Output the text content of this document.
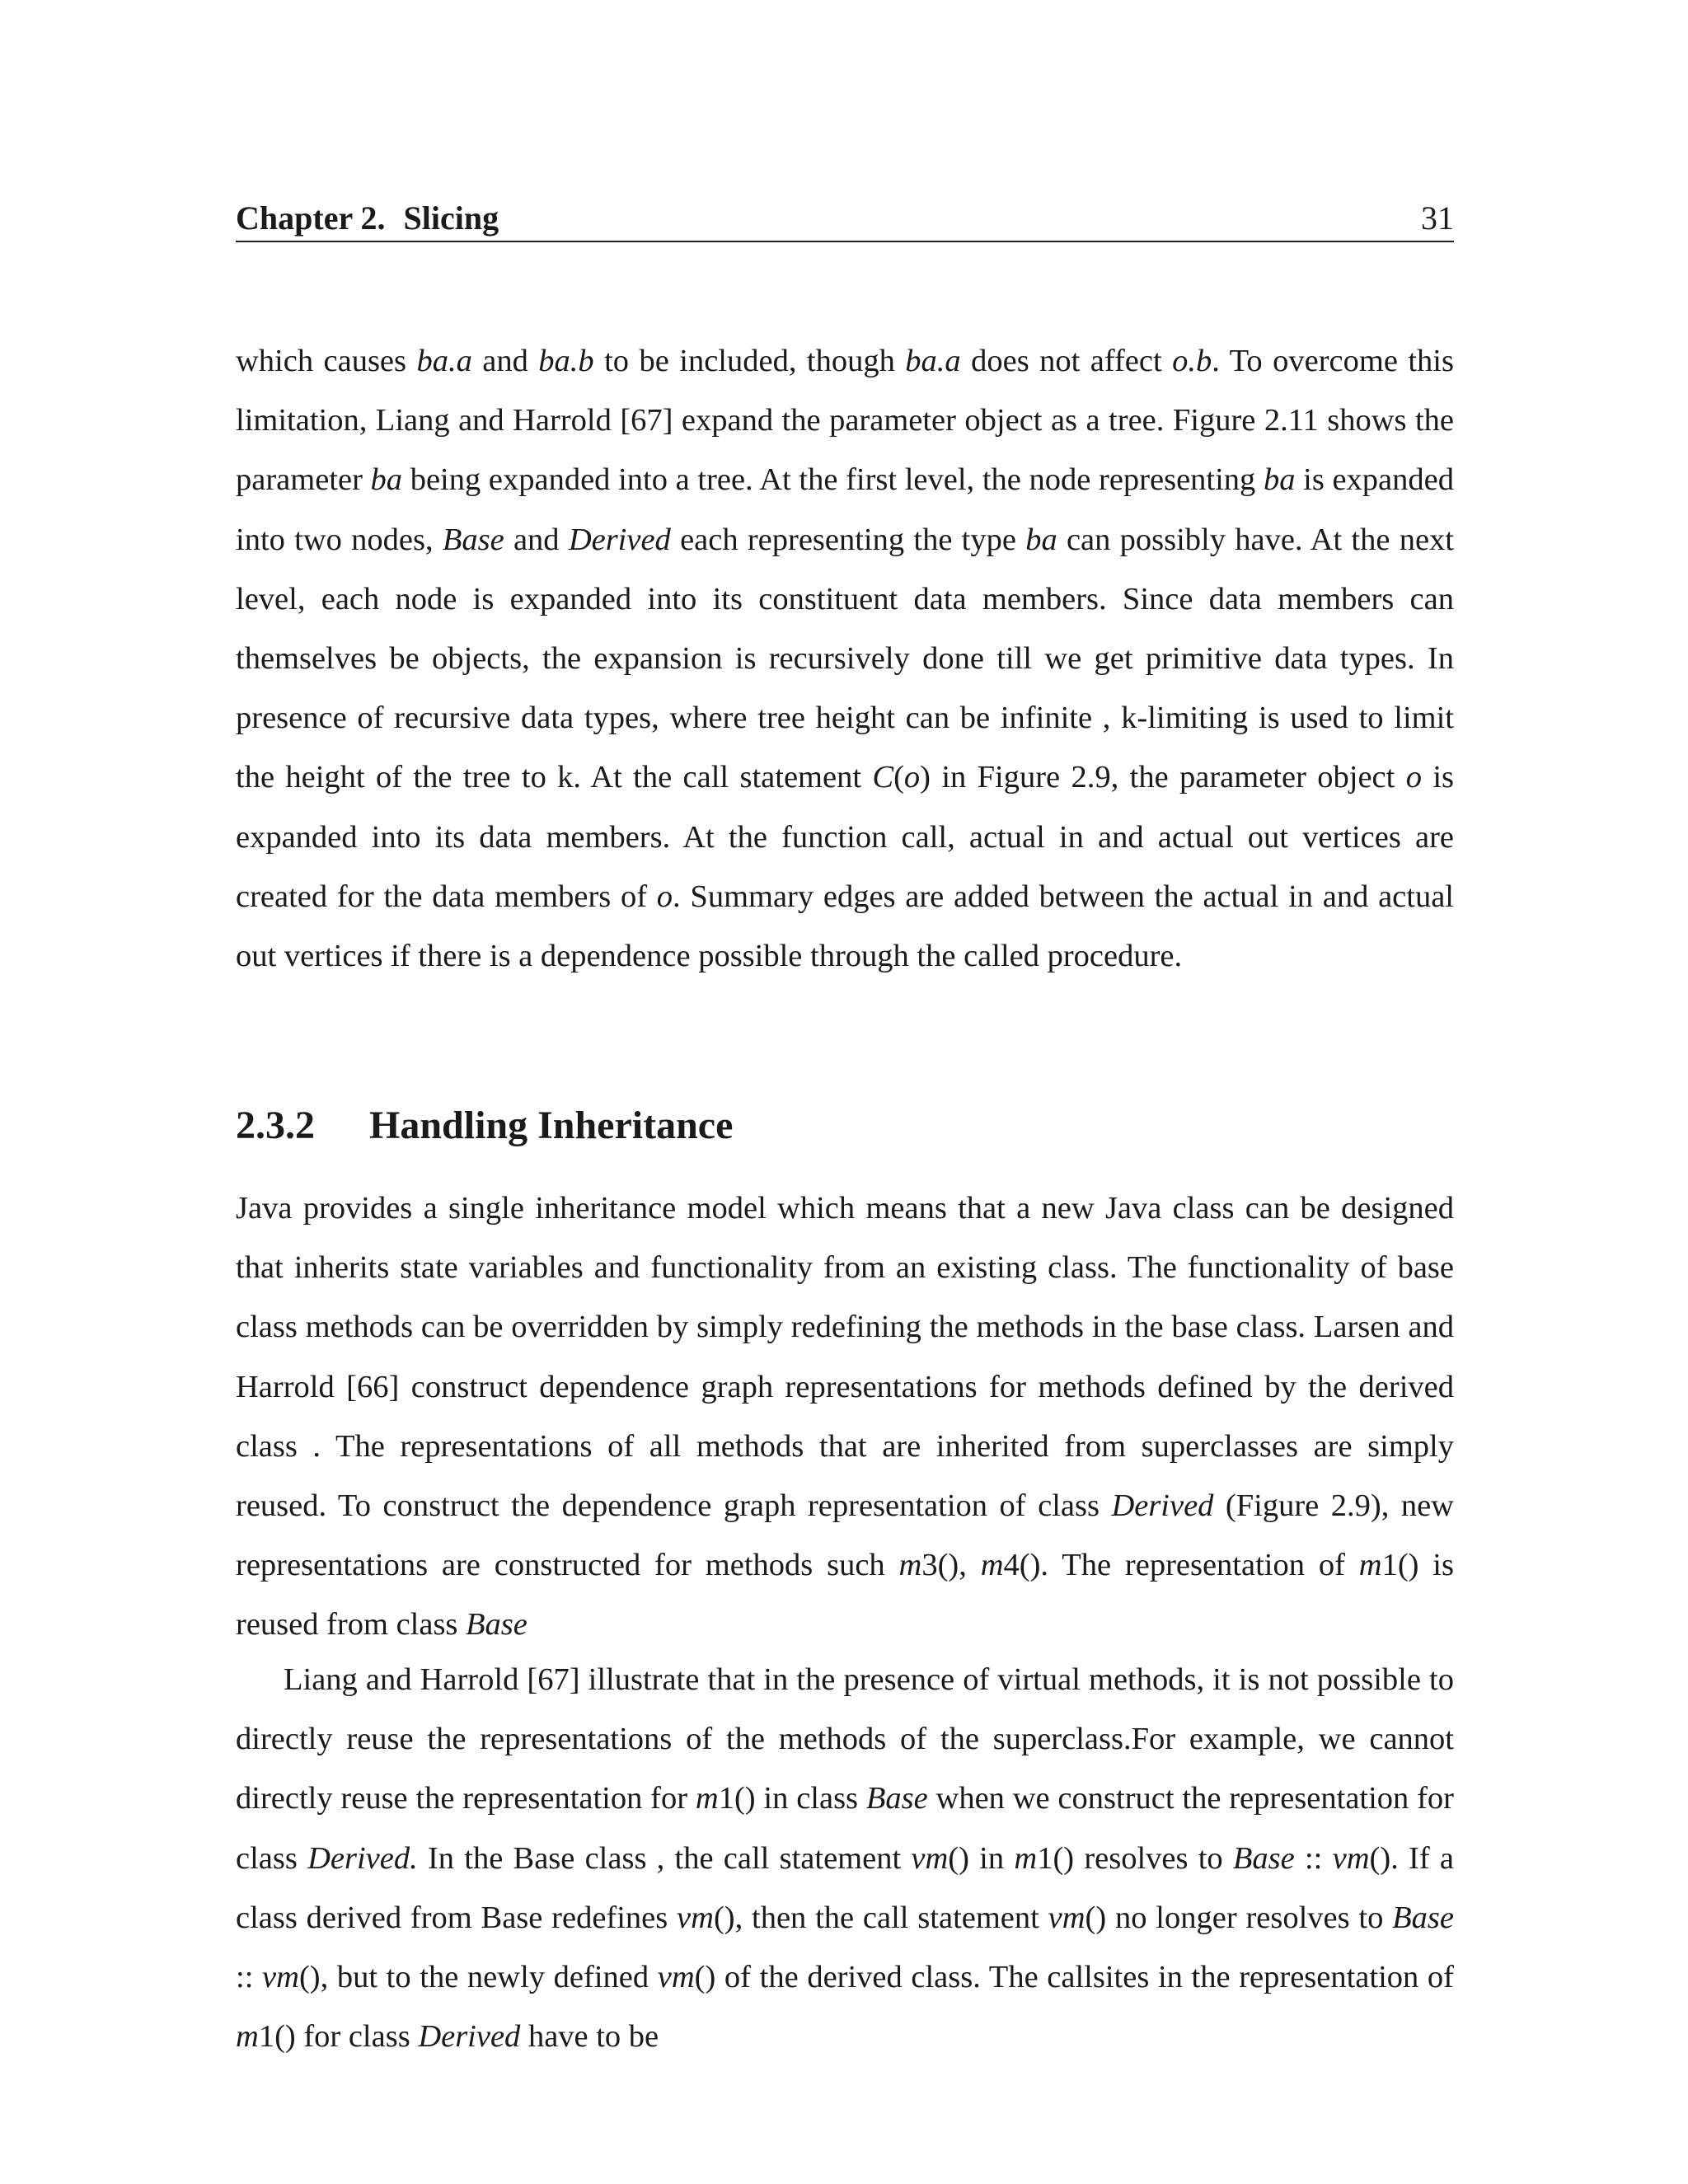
Chapter 2. Slicing	31

which causes ba.a and ba.b to be included, though ba.a does not affect o.b. To overcome this limitation, Liang and Harrold [67] expand the parameter object as a tree. Figure 2.11 shows the parameter ba being expanded into a tree. At the first level, the node representing ba is expanded into two nodes, Base and Derived each representing the type ba can possibly have. At the next level, each node is expanded into its constituent data members. Since data members can themselves be objects, the expansion is recursively done till we get primitive data types. In presence of recursive data types, where tree height can be infinite , k-limiting is used to limit the height of the tree to k. At the call statement C(o) in Figure 2.9, the parameter object o is expanded into its data members. At the function call, actual in and actual out vertices are created for the data members of o. Summary edges are added between the actual in and actual out vertices if there is a dependence possible through the called procedure.

2.3.2 Handling Inheritance

Java provides a single inheritance model which means that a new Java class can be designed that inherits state variables and functionality from an existing class. The functionality of base class methods can be overridden by simply redefining the methods in the base class. Larsen and Harrold [66] construct dependence graph representations for methods defined by the derived class . The representations of all methods that are inherited from superclasses are simply reused. To construct the dependence graph representation of class Derived (Figure 2.9), new representations are constructed for methods such m3(), m4(). The representation of m1() is reused from class Base

Liang and Harrold [67] illustrate that in the presence of virtual methods, it is not possible to directly reuse the representations of the methods of the superclass.For example, we cannot directly reuse the representation for m1() in class Base when we construct the representation for class Derived. In the Base class , the call statement vm() in m1() resolves to Base :: vm(). If a class derived from Base redefines vm(), then the call statement vm() no longer resolves to Base :: vm(), but to the newly defined vm() of the derived class. The callsites in the representation of m1() for class Derived have to be
